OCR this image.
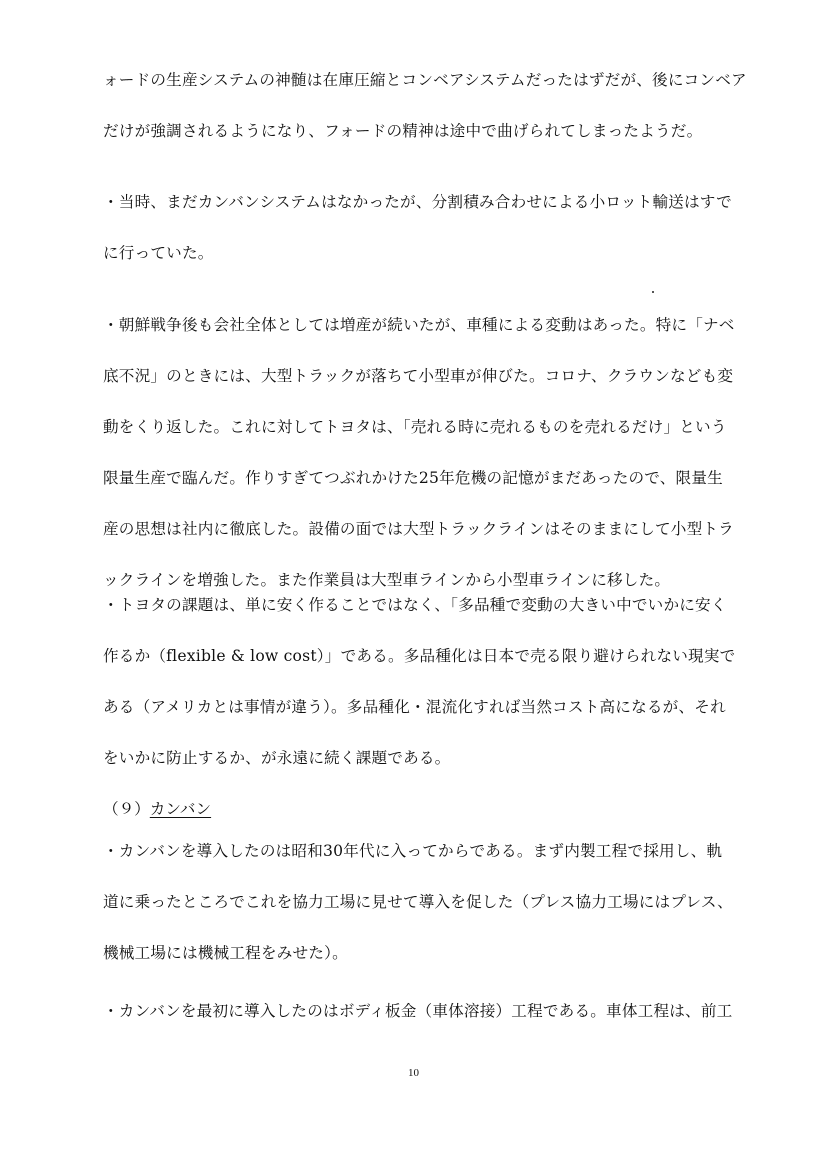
ォードの生産システムの神髄は在庫圧縮とコンベアシステムだったはずだが、後にコンベア
だけが強調されるようになり、フォードの精神は途中で曲げられてしまったようだ。
・当時、まだカンバンシステムはなかったが、分割積み合わせによる小ロット輸送はすで
に行っていた。
・朝鮮戦争後も会社全体としては増産が続いたが、車種による変動はあった。特に「ナベ
底不況」のときには、大型トラックが落ちて小型車が伸びた。コロナ、クラウンなども変
動をくり返した。これに対してトヨタは、「売れる時に売れるものを売れるだけ」という
限量生産で臨んだ。作りすぎてつぶれかけた25年危機の記憶がまだあったので、限量生
産の思想は社内に徹底した。設備の面では大型トラックラインはそのままにして小型トラ
ックラインを増強した。また作業員は大型車ラインから小型車ラインに移した。
・トヨタの課題は、単に安く作ることではなく、「多品種で変動の大きい中でいかに安く
作るか（flexible & low cost）」である。多品種化は日本で売る限り避けられない現実で
ある（アメリカとは事情が違う）。多品種化・混流化すれば当然コスト高になるが、それ
をいかに防止するか、が永遠に続く課題である。
（９）カンバン
・カンバンを導入したのは昭和30年代に入ってからである。まず内製工程で採用し、軌
道に乗ったところでこれを協力工場に見せて導入を促した（プレス協力工場にはプレス、
機械工場には機械工程をみせた）。
・カンバンを最初に導入したのはボディ板金（車体溶接）工程である。車体工程は、前工
10
